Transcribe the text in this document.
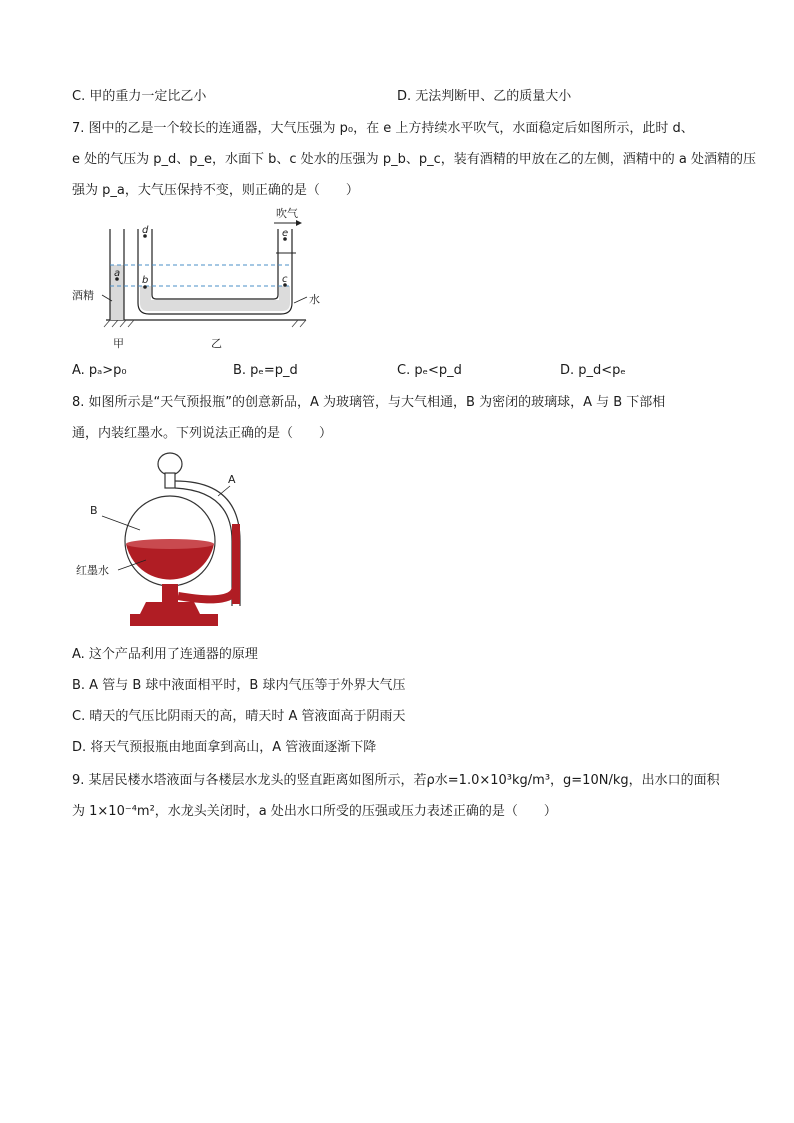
C. 甲的重力一定比乙小	D. 无法判断甲、乙的质量大小
7. 图中的乙是一个较长的连通器，大气压强为 p₀，在 e 上方持续水平吹气，水面稳定后如图所示，此时 d、
e 处的气压为 p_d、p_e，水面下 b、c 处水的压强为 p_b、p_c，装有酒精的甲放在乙的左侧，酒精中的 a 处酒精的压
强为 p_a，大气压保持不变，则正确的是（　　）
吹气
d
a
b
e
c
酒精	水
甲	乙
A. pₐ>p₀	B. pₑ=p_d	C. pₑ<p_d	D. p_d<pₑ
8. 如图所示是“天气预报瓶”的创意新品，A 为玻璃管，与大气相通，B 为密闭的玻璃球，A 与 B 下部相
通，内装红墨水。下列说法正确的是（　　）
A
B
红墨水
A. 这个产品利用了连通器的原理
B. A 管与 B 球中液面相平时，B 球内气压等于外界大气压
C. 晴天的气压比阴雨天的高，晴天时 A 管液面高于阴雨天
D. 将天气预报瓶由地面拿到高山，A 管液面逐渐下降
9. 某居民楼水塔液面与各楼层水龙头的竖直距离如图所示，若ρ水=1.0×10³kg/m³，g=10N/kg，出水口的面积
为 1×10⁻⁴m²，水龙头关闭时，a 处出水口所受的压强或压力表述正确的是（　　）
